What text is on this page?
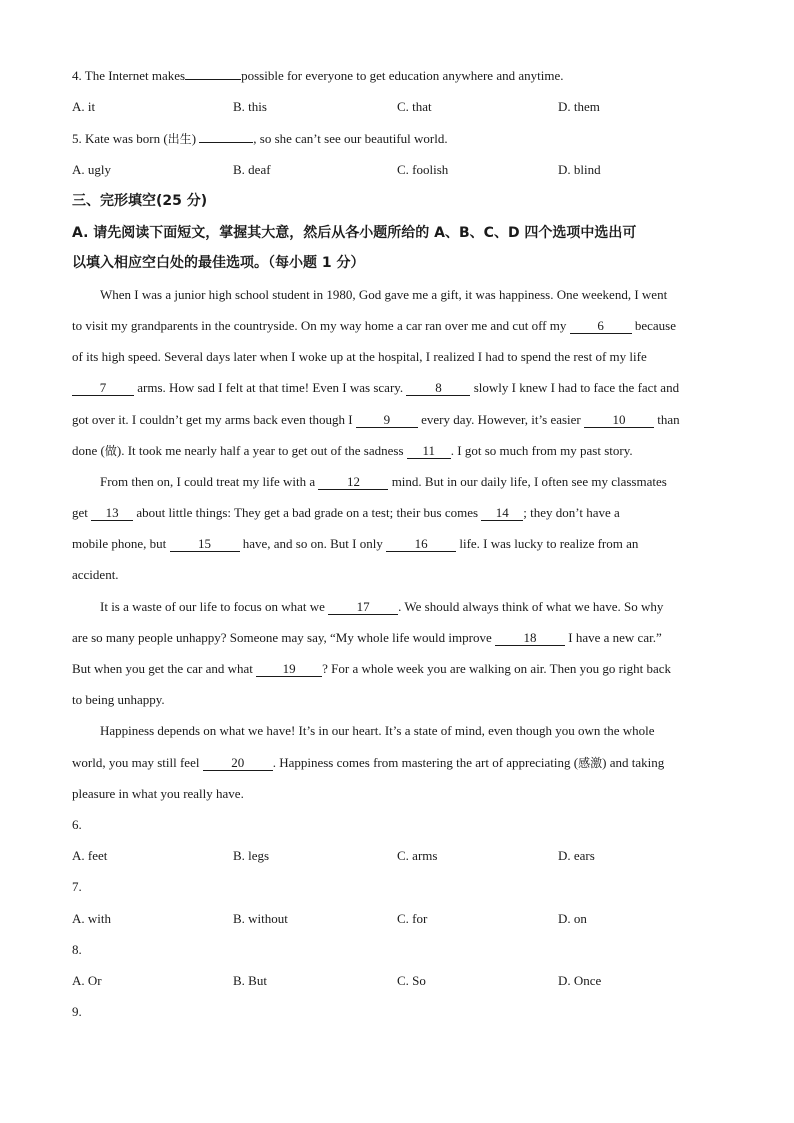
4. The Internet makes	possible for everyone to get education anywhere and anytime.
A. it	B. this	C. that	D. them
5. Kate was born (出生)	, so she can’t see our beautiful world.
A. ugly	B. deaf	C. foolish	D. blind
三、完形填空(25 分)
A. 请先阅读下面短文，掌握其大意，然后从各小题所给的 A、B、C、D 四个选项中选出可
以填入相应空白处的最佳选项。（每小题 1 分）
When I was a junior high school student in 1980, God gave me a gift, it was happiness. One weekend, I went
to visit my grandparents in the countryside. On my way home a car ran over me and cut off my 6 because
of its high speed. Several days later when I woke up at the hospital, I realized I had to spend the rest of my life
7 arms. How sad I felt at that time! Even I was scary. 8 slowly I knew I had to face the fact and
got over it. I couldn’t get my arms back even though I 9 every day. However, it’s easier 10 than
done (做). It took me nearly half a year to get out of the sadness 11 . I got so much from my past story.
From then on, I could treat my life with a 12 mind. But in our daily life, I often see my classmates
get 13 about little things: They get a bad grade on a test; their bus comes 14 ; they don’t have a
mobile phone, but 15 have, and so on. But I only 16 life. I was lucky to realize from an
accident.
It is a waste of our life to focus on what we 17 . We should always think of what we have. So why
are so many people unhappy? Someone may say, “My whole life would improve 18 I have a new car.”
But when you get the car and what 19 ? For a whole week you are walking on air. Then you go right back
to being unhappy.
Happiness depends on what we have! It’s in our heart. It’s a state of mind, even though you own the whole
world, you may still feel 20 . Happiness comes from mastering the art of appreciating (感激) and taking
pleasure in what you really have.
6.
A. feet	B. legs	C. arms	D. ears
7.
A. with	B. without	C. for	D. on
8.
A. Or	B. But	C. So	D. Once
9.
